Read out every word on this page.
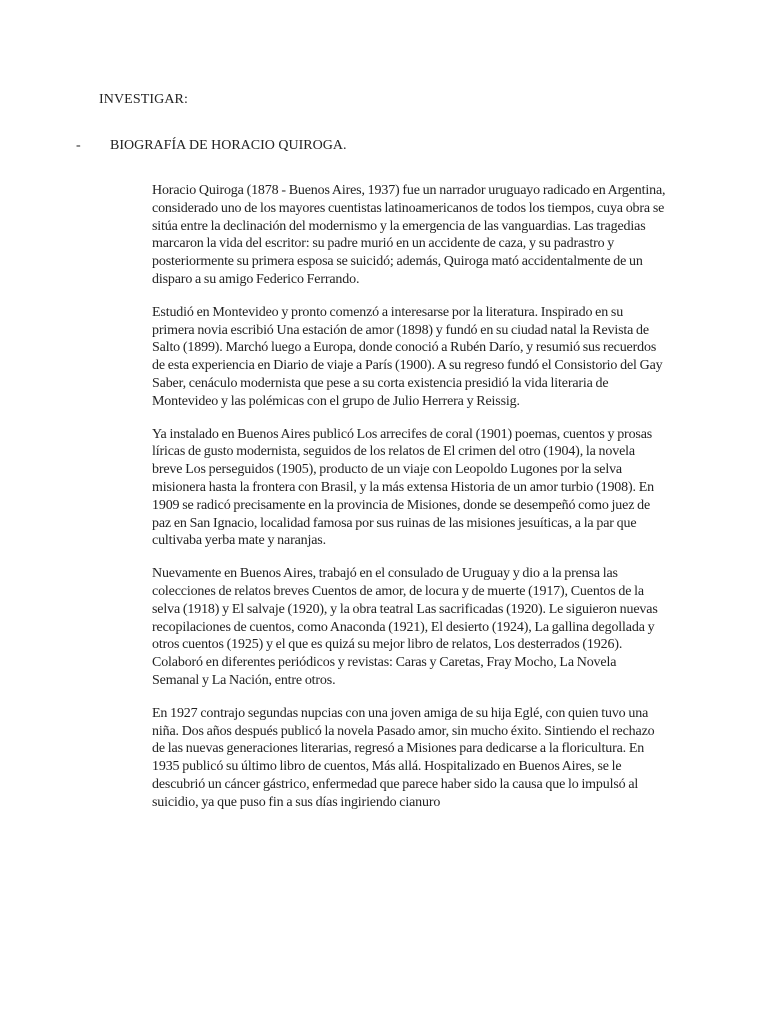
INVESTIGAR:
- BIOGRAFÍA DE HORACIO QUIROGA.

Horacio Quiroga (1878 - Buenos Aires, 1937) fue un narrador uruguayo radicado en Argentina, considerado uno de los mayores cuentistas latinoamericanos de todos los tiempos, cuya obra se sitúa entre la declinación del modernismo y la emergencia de las vanguardias. Las tragedias marcaron la vida del escritor: su padre murió en un accidente de caza, y su padrastro y posteriormente su primera esposa se suicidó; además, Quiroga mató accidentalmente de un disparo a su amigo Federico Ferrando.

Estudió en Montevideo y pronto comenzó a interesarse por la literatura. Inspirado en su primera novia escribió Una estación de amor (1898) y fundó en su ciudad natal la Revista de Salto (1899). Marchó luego a Europa, donde conoció a Rubén Darío, y resumió sus recuerdos de esta experiencia en Diario de viaje a París (1900). A su regreso fundó el Consistorio del Gay Saber, cenáculo modernista que pese a su corta existencia presidió la vida literaria de Montevideo y las polémicas con el grupo de Julio Herrera y Reissig.

Ya instalado en Buenos Aires publicó Los arrecifes de coral (1901) poemas, cuentos y prosas líricas de gusto modernista, seguidos de los relatos de El crimen del otro (1904), la novela breve Los perseguidos (1905), producto de un viaje con Leopoldo Lugones por la selva misionera hasta la frontera con Brasil, y la más extensa Historia de un amor turbio (1908). En 1909 se radicó precisamente en la provincia de Misiones, donde se desempeñó como juez de paz en San Ignacio, localidad famosa por sus ruinas de las misiones jesuíticas, a la par que cultivaba yerba mate y naranjas.

Nuevamente en Buenos Aires, trabajó en el consulado de Uruguay y dio a la prensa las colecciones de relatos breves Cuentos de amor, de locura y de muerte (1917), Cuentos de la selva (1918) y El salvaje (1920), y la obra teatral Las sacrificadas (1920). Le siguieron nuevas recopilaciones de cuentos, como Anaconda (1921), El desierto (1924), La gallina degollada y otros cuentos (1925) y el que es quizá su mejor libro de relatos, Los desterrados (1926). Colaboró en diferentes periódicos y revistas: Caras y Caretas, Fray Mocho, La Novela Semanal y La Nación, entre otros.

En 1927 contrajo segundas nupcias con una joven amiga de su hija Eglé, con quien tuvo una niña. Dos años después publicó la novela Pasado amor, sin mucho éxito. Sintiendo el rechazo de las nuevas generaciones literarias, regresó a Misiones para dedicarse a la floricultura. En 1935 publicó su último libro de cuentos, Más allá. Hospitalizado en Buenos Aires, se le descubrió un cáncer gástrico, enfermedad que parece haber sido la causa que lo impulsó al suicidio, ya que puso fin a sus días ingiriendo cianuro
